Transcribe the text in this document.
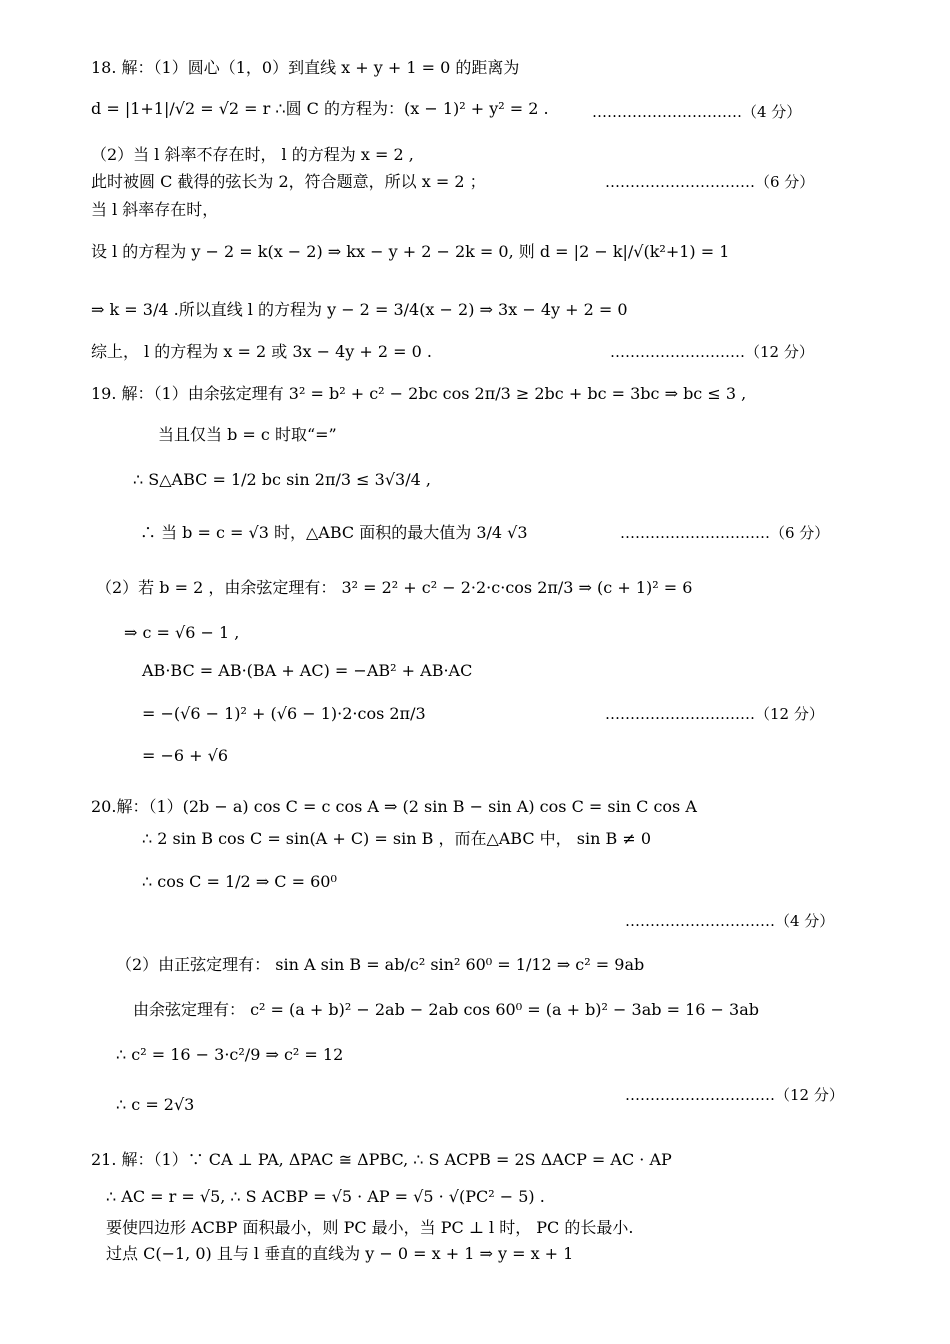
18. 解：（1）圆心（1，0）到直线 x + y + 1 = 0 的距离为
d = |1+1|/√2 = √2 = r ∴圆 C 的方程为：(x − 1)² + y² = 2 .	…………………………（4 分）
（2）当 l 斜率不存在时， l 的方程为 x = 2 ,
此时被圆 C 截得的弦长为 2，符合题意，所以 x = 2 ；	…………………………（6 分）
当 l 斜率存在时，
设 l 的方程为 y − 2 = k(x − 2) ⇒ kx − y + 2 − 2k = 0, 则 d = |2 − k|/√(k²+1) = 1
⇒ k = 3/4 .所以直线 l 的方程为 y − 2 = 3/4(x − 2) ⇒ 3x − 4y + 2 = 0
综上， l 的方程为 x = 2 或 3x − 4y + 2 = 0 .	………………………（12 分）
19. 解：（1）由余弦定理有 3² = b² + c² − 2bc cos 2π/3 ≥ 2bc + bc = 3bc ⇒ bc ≤ 3 ,
当且仅当 b = c 时取“=”
∴ S△ABC = 1/2 bc sin 2π/3 ≤ 3√3/4 ,
∴ 当 b = c = √3 时，△ABC 面积的最大值为 3/4 √3	…………………………（6 分）
（2）若 b = 2 ，由余弦定理有： 3² = 2² + c² − 2·2·c·cos 2π/3 ⇒ (c + 1)² = 6
⇒ c = √6 − 1 ,
AB·BC = AB·(BA + AC) = −AB² + AB·AC
= −(√6 − 1)² + (√6 − 1)·2·cos 2π/3	…………………………（12 分）
= −6 + √6
20.解：（1）(2b − a) cos C = c cos A ⇒ (2 sin B − sin A) cos C = sin C cos A
∴ 2 sin B cos C = sin(A + C) = sin B ，而在△ABC 中， sin B ≠ 0
∴ cos C = 1/2 ⇒ C = 60⁰
…………………………（4 分）
（2）由正弦定理有： sin A sin B = ab/c² sin² 60⁰ = 1/12 ⇒ c² = 9ab
由余弦定理有： c² = (a + b)² − 2ab − 2ab cos 60⁰ = (a + b)² − 3ab = 16 − 3ab
∴ c² = 16 − 3·c²/9 ⇒ c² = 12
∴ c = 2√3	…………………………（12 分）
21. 解：（1）∵ CA ⊥ PA, ΔPAC ≅ ΔPBC, ∴ S ACPB = 2S ΔACP = AC · AP
∴ AC = r = √5, ∴ S ACBP = √5 · AP = √5 · √(PC² − 5) .
要使四边形 ACBP 面积最小，则 PC 最小，当 PC ⊥ l 时， PC 的长最小.
过点 C(−1, 0) 且与 l 垂直的直线为 y − 0 = x + 1 ⇒ y = x + 1
